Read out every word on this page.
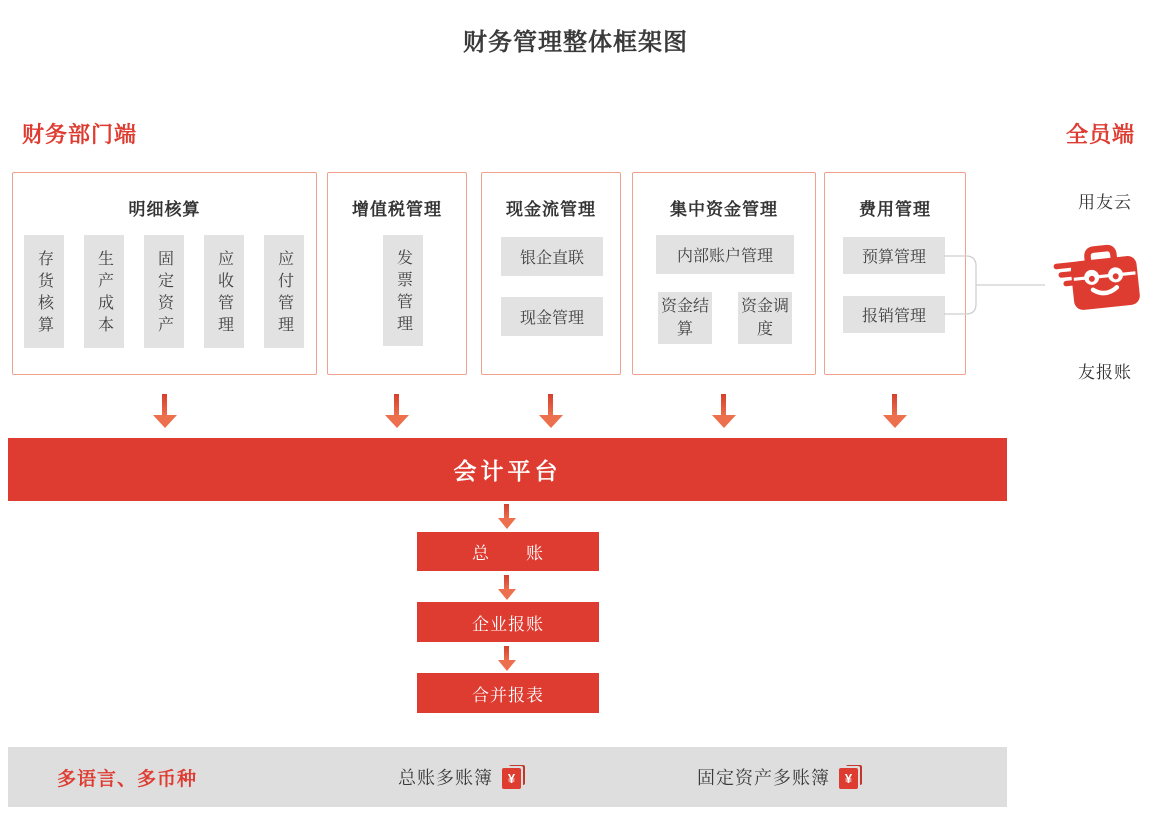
财务管理整体框架图
财务部门端	全员端
明细核算
存货核算	生产成本	固定资产	应收管理	应付管理
增值税管理
发票管理
现金流管理
银企直联
现金管理
集中资金管理
内部账户管理
资金结算
资金调度
费用管理
预算管理
报销管理
用友云
友报账
会计平台
总　　账
企业报账
合并报表
多语言、多币种	总账多账簿	¥	固定资产多账簿	¥
